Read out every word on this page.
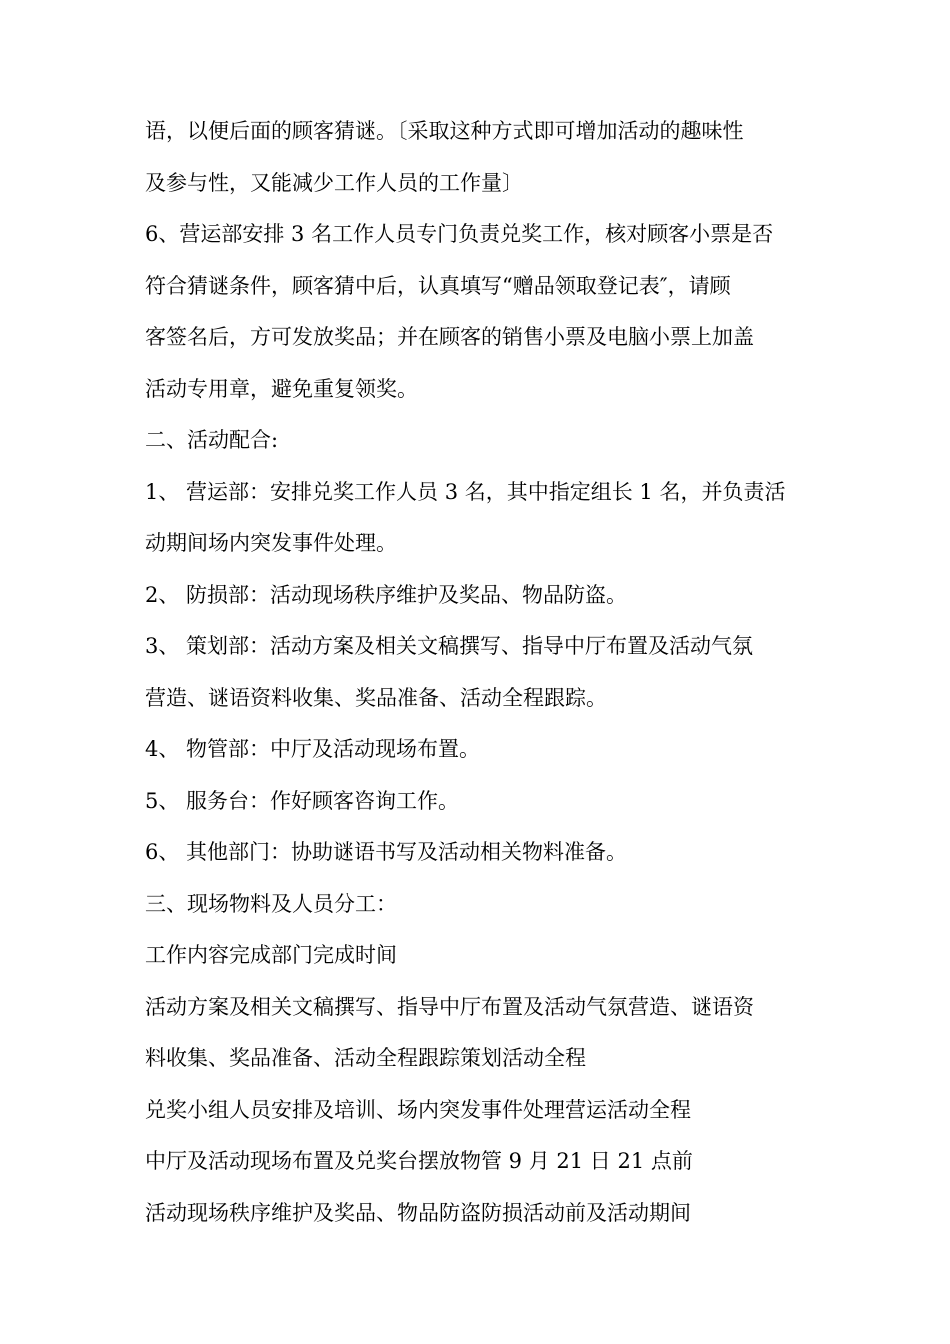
语，以便后面的顾客猜谜。〔采取这种方式即可增加活动的趣味性
及参与性，又能减少工作人员的工作量〕
6、营运部安排 3 名工作人员专门负责兑奖工作，核对顾客小票是否
符合猜谜条件，顾客猜中后，认真填写“赠品领取登记表″，请顾
客签名后，方可发放奖品；并在顾客的销售小票及电脑小票上加盖
活动专用章，避免重复领奖。
二、活动配合:
1、 营运部：安排兑奖工作人员 3 名，其中指定组长 1 名，并负责活
动期间场内突发事件处理。
2、 防损部：活动现场秩序维护及奖品、物品防盗。
3、 策划部：活动方案及相关文稿撰写、指导中厅布置及活动气氛
营造、谜语资料收集、奖品准备、活动全程跟踪。
4、 物管部：中厅及活动现场布置。
5、 服务台：作好顾客咨询工作。
6、 其他部门：协助谜语书写及活动相关物料准备。
三、现场物料及人员分工：
工作内容完成部门完成时间
活动方案及相关文稿撰写、指导中厅布置及活动气氛营造、谜语资
料收集、奖品准备、活动全程跟踪策划活动全程
兑奖小组人员安排及培训、场内突发事件处理营运活动全程
中厅及活动现场布置及兑奖台摆放物管 9 月 21 日 21 点前
活动现场秩序维护及奖品、物品防盗防损活动前及活动期间
